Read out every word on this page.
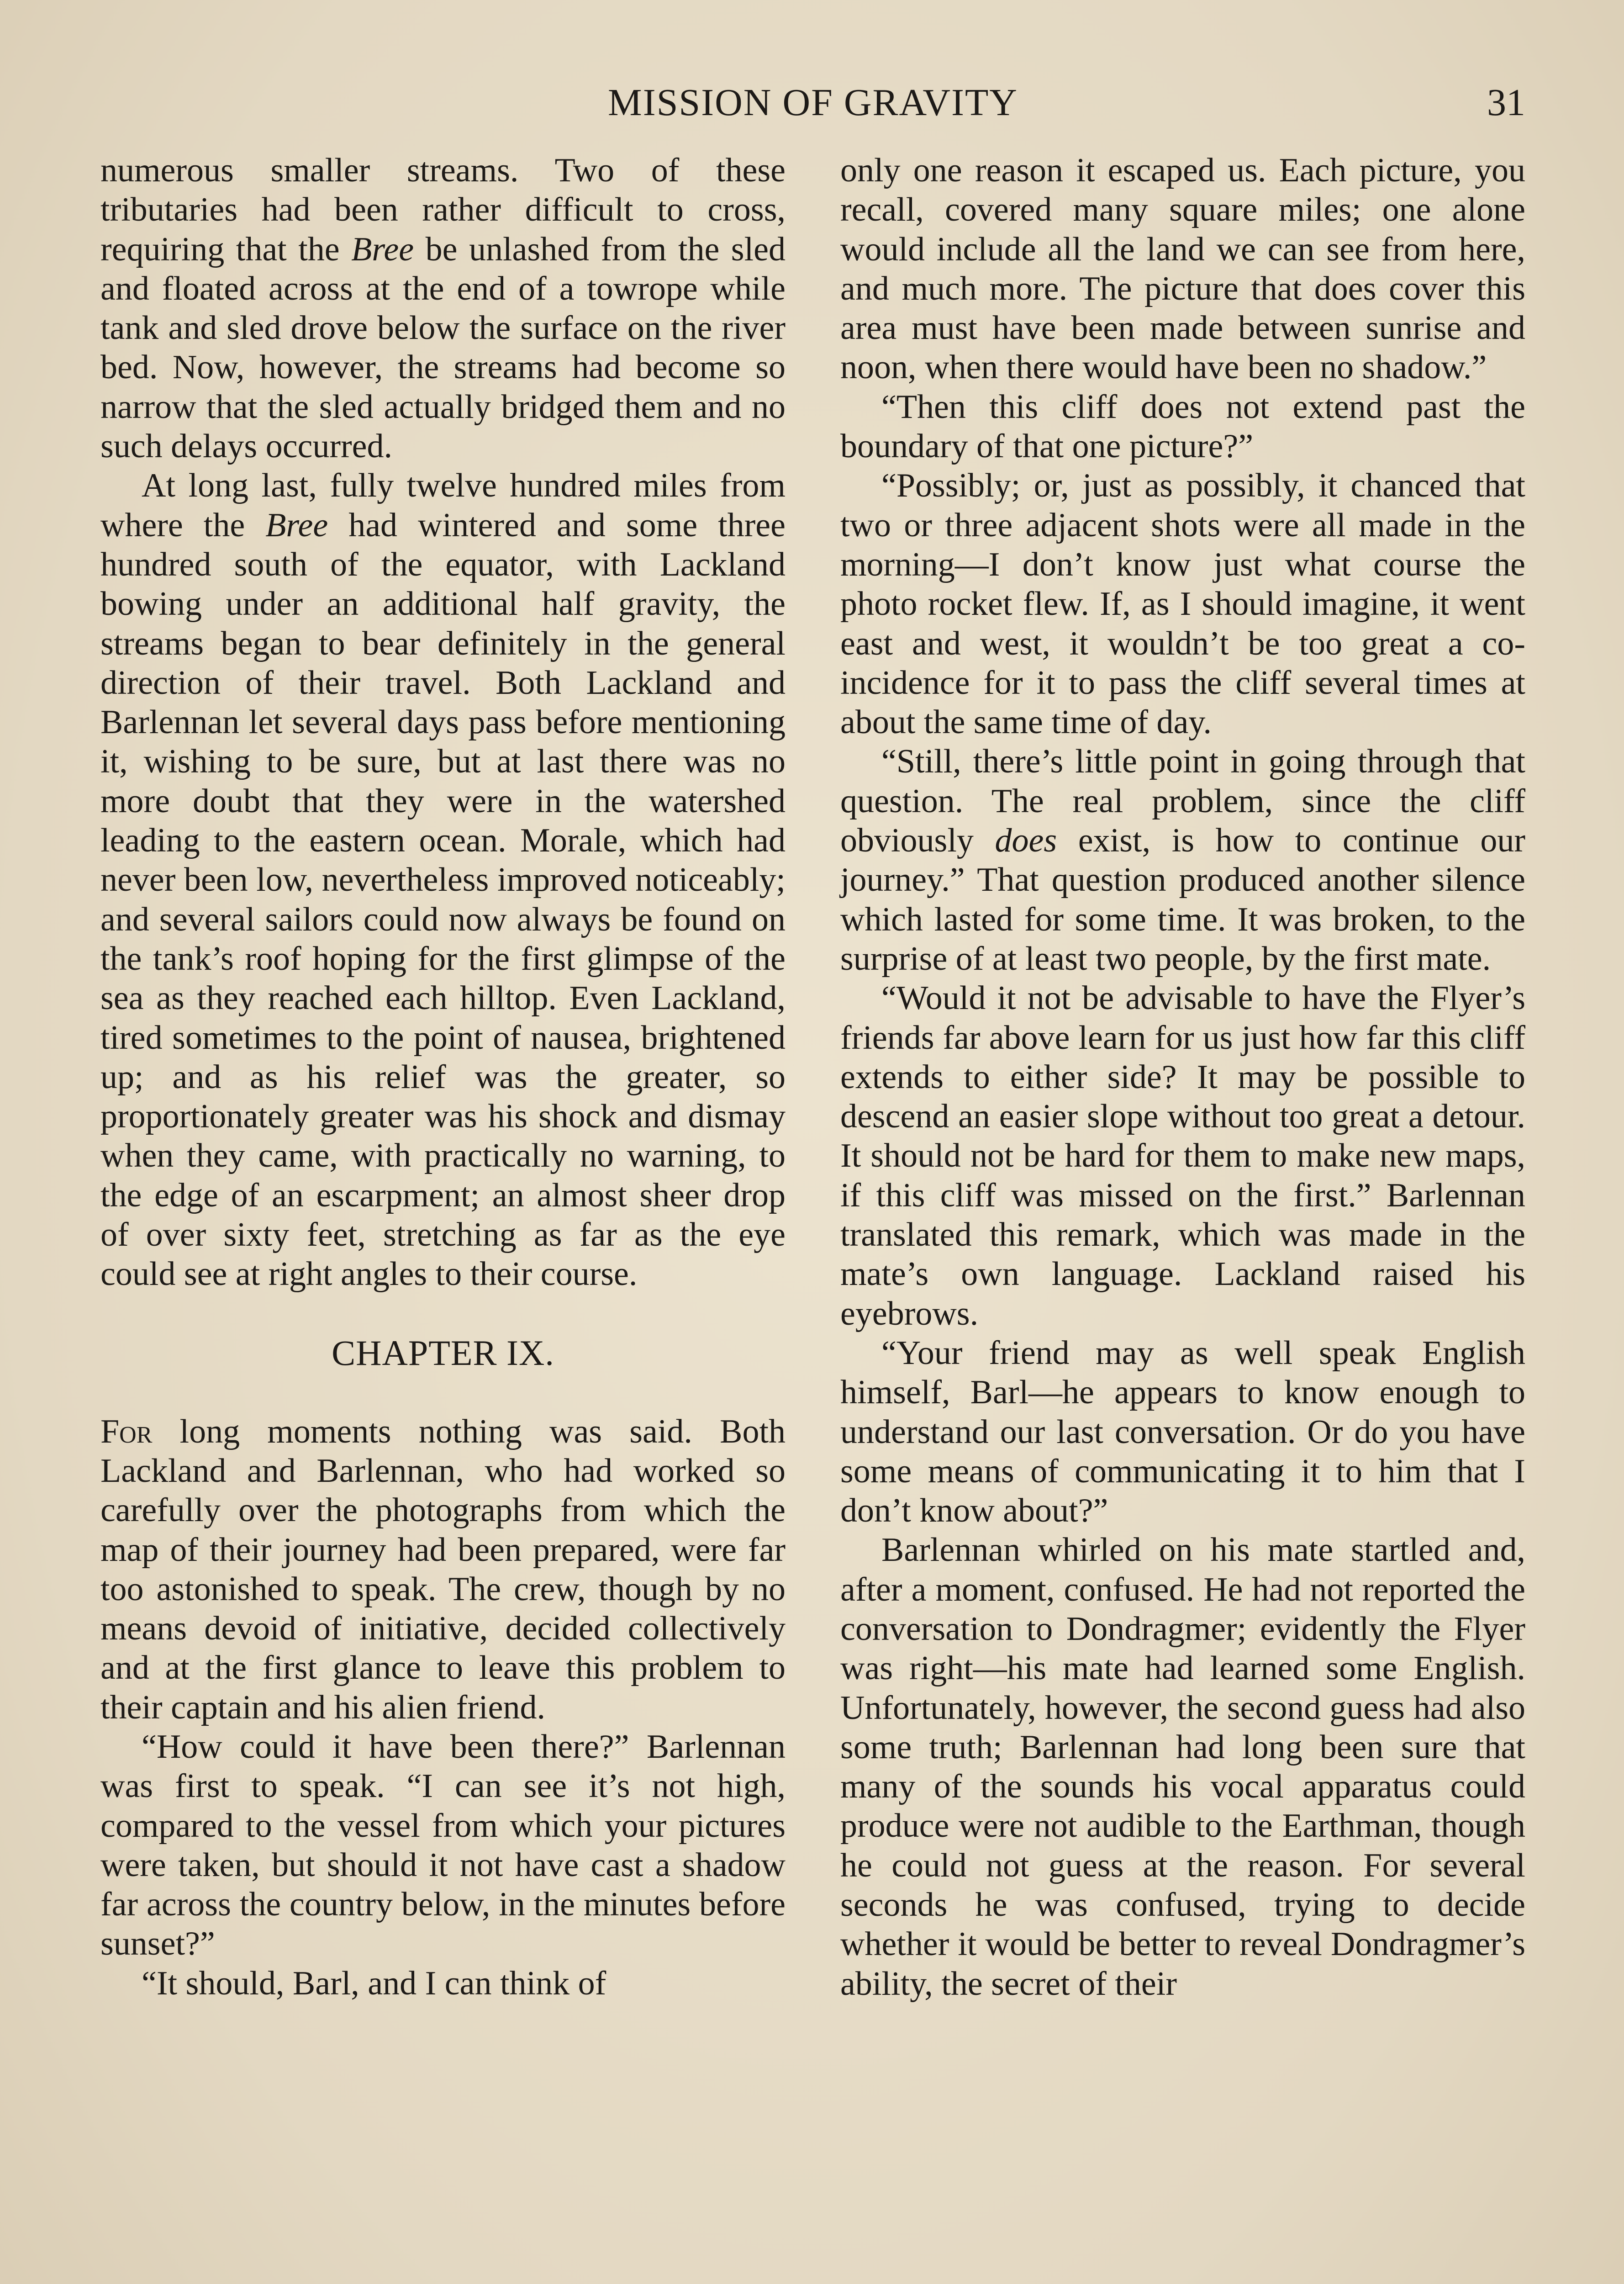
MISSION OF GRAVITY	31

numerous smaller streams. Two of these tributaries had been rather difficult to cross, requiring that the Bree be unlashed from the sled and floated across at the end of a towrope while tank and sled drove below the surface on the river bed. Now, however, the streams had become so narrow that the sled actually bridged them and no such delays occurred.

At long last, fully twelve hundred miles from where the Bree had wintered and some three hundred south of the equator, with Lackland bowing under an additional half gravity, the streams began to bear definitely in the general direction of their travel. Both Lackland and Barlennan let several days pass before mentioning it, wishing to be sure, but at last there was no more doubt that they were in the watershed leading to the eastern ocean. Morale, which had never been low, nevertheless improved noticeably; and several sailors could now always be found on the tank’s roof hoping for the first glimpse of the sea as they reached each hilltop. Even Lackland, tired sometimes to the point of nausea, brightened up; and as his relief was the greater, so proportionately greater was his shock and dismay when they came, with practically no warning, to the edge of an escarpment; an almost sheer drop of over sixty feet, stretching as far as the eye could see at right angles to their course.

CHAPTER IX.

For long moments nothing was said. Both Lackland and Barlennan, who had worked so carefully over the photographs from which the map of their journey had been prepared, were far too astonished to speak. The crew, though by no means devoid of initiative, decided collectively and at the first glance to leave this problem to their captain and his alien friend.

“How could it have been there?” Barlennan was first to speak. “I can see it’s not high, compared to the vessel from which your pictures were taken, but should it not have cast a shadow far across the country below, in the minutes before sunset?”

“It should, Barl, and I can think of

only one reason it escaped us. Each picture, you recall, covered many square miles; one alone would include all the land we can see from here, and much more. The picture that does cover this area must have been made between sunrise and noon, when there would have been no shadow.”

“Then this cliff does not extend past the boundary of that one picture?”

“Possibly; or, just as possibly, it chanced that two or three adjacent shots were all made in the morning—I don’t know just what course the photo rocket flew. If, as I should imagine, it went east and west, it wouldn’t be too great a coincidence for it to pass the cliff several times at about the same time of day.

“Still, there’s little point in going through that question. The real problem, since the cliff obviously does exist, is how to continue our journey.” That question produced another silence which lasted for some time. It was broken, to the surprise of at least two people, by the first mate.

“Would it not be advisable to have the Flyer’s friends far above learn for us just how far this cliff extends to either side? It may be possible to descend an easier slope without too great a detour. It should not be hard for them to make new maps, if this cliff was missed on the first.” Barlennan translated this remark, which was made in the mate’s own language. Lackland raised his eyebrows.

“Your friend may as well speak English himself, Barl—he appears to know enough to understand our last conversation. Or do you have some means of communicating it to him that I don’t know about?”

Barlennan whirled on his mate startled and, after a moment, confused. He had not reported the conversation to Dondragmer; evidently the Flyer was right—his mate had learned some English. Unfortunately, however, the second guess had also some truth; Barlennan had long been sure that many of the sounds his vocal apparatus could produce were not audible to the Earthman, though he could not guess at the reason. For several seconds he was confused, trying to decide whether it would be better to reveal Dondragmer’s ability, the secret of their
